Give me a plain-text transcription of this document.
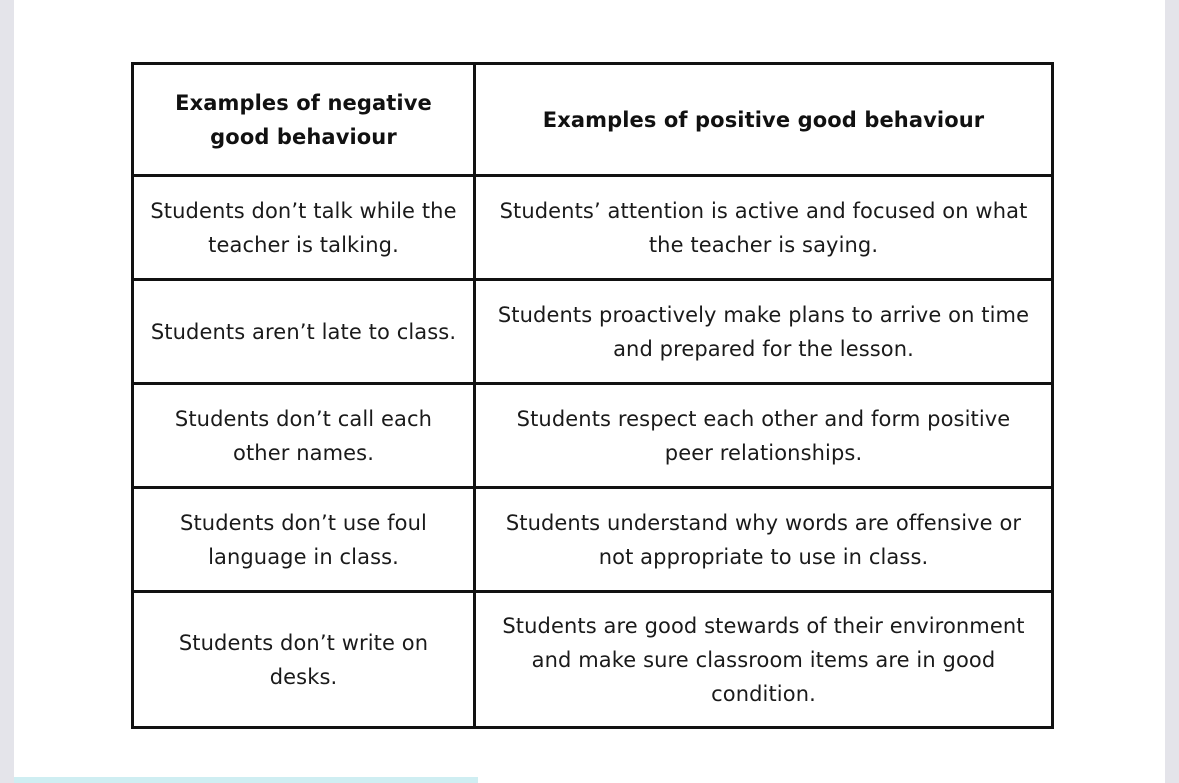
Examples of negative good behaviour	Examples of positive good behaviour
Students don’t talk while the teacher is talking.	Students’ attention is active and focused on what the teacher is saying.
Students aren’t late to class.	Students proactively make plans to arrive on time and prepared for the lesson.
Students don’t call each other names.	Students respect each other and form positive peer relationships.
Students don’t use foul language in class.	Students understand why words are offensive or not appropriate to use in class.
Students don’t write on desks.	Students are good stewards of their environment and make sure classroom items are in good condition.
